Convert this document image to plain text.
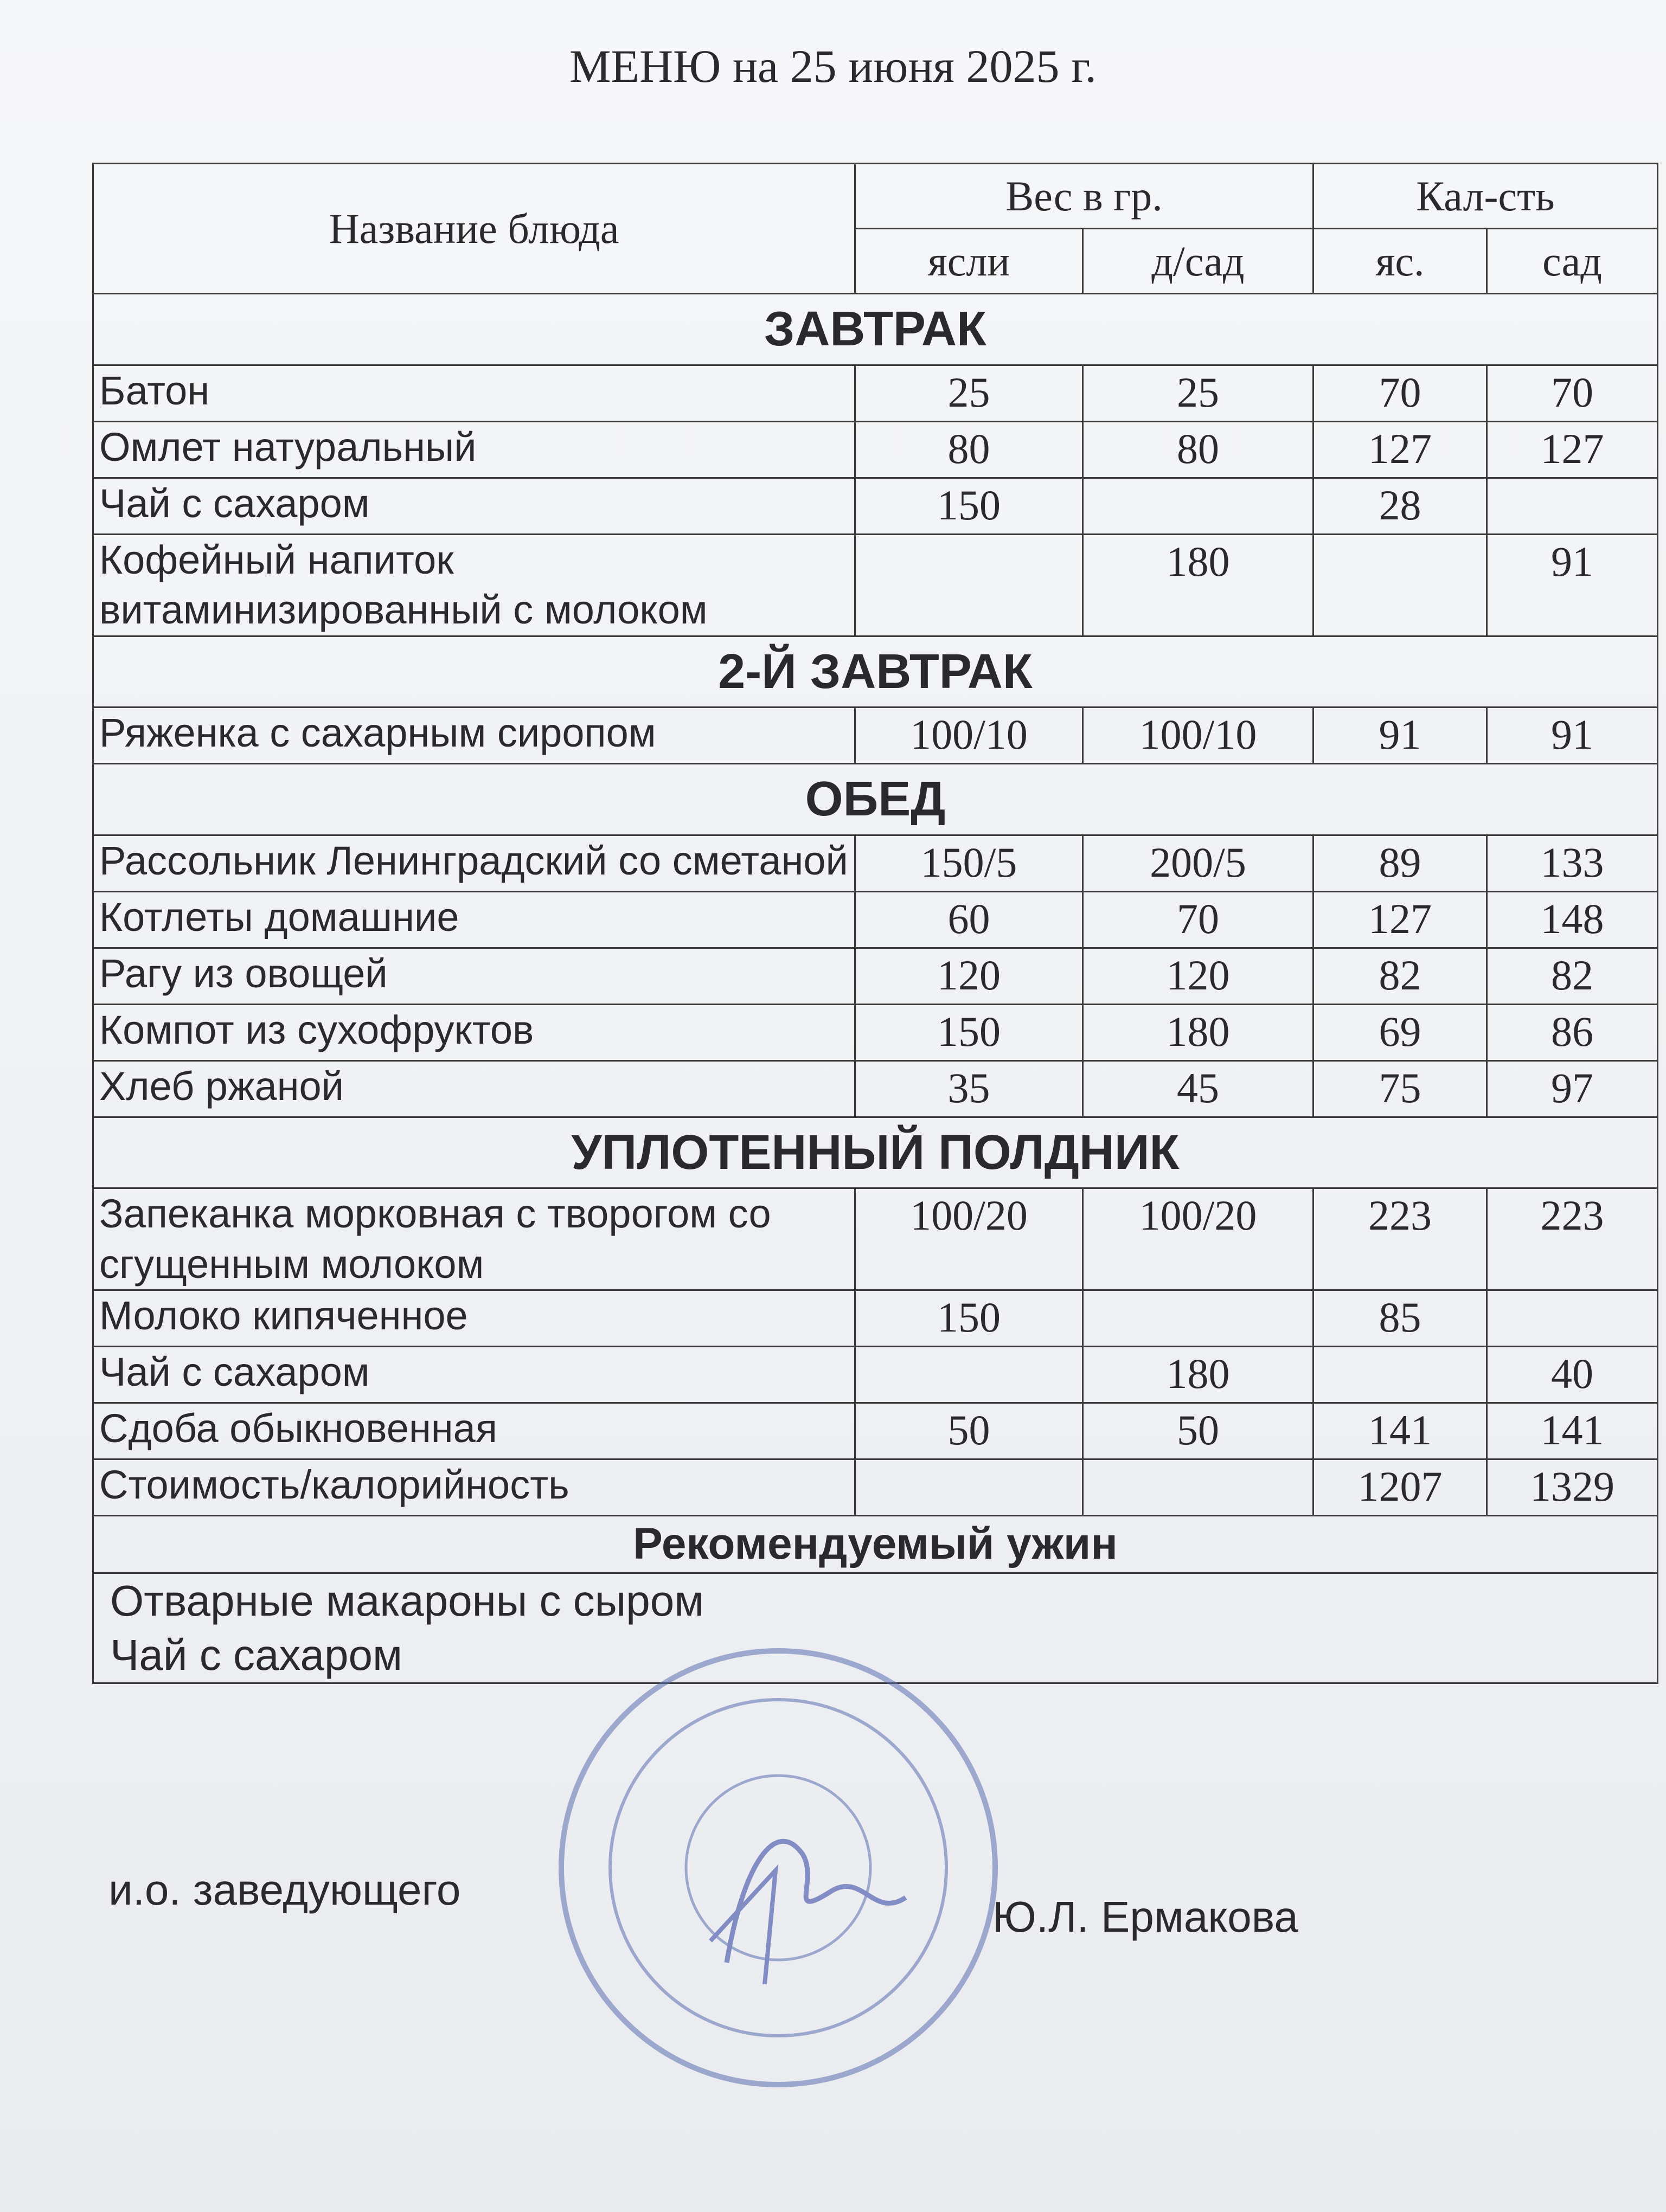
МЕНЮ на 25 июня 2025 г.
Название блюда	Вес в гр.		Кал-сть	
	ясли	д/сад	яс.	сад
ЗАВТРАК				
Батон	25	25	70	70
Омлет натуральный	80	80	127	127
Чай с сахаром	150		28	
Кофейный напиток витаминизированный с молоком		180		91
2-Й ЗАВТРАК				
Ряженка с сахарным сиропом	100/10	100/10	91	91
ОБЕД				
Рассольник Ленинградский со сметаной	150/5	200/5	89	133
Котлеты домашние	60	70	127	148
Рагу из овощей	120	120	82	82
Компот из сухофруктов	150	180	69	86
Хлеб ржаной	35	45	75	97
УПЛОТЕННЫЙ ПОЛДНИК				
Запеканка морковная с творогом со сгущенным молоком	100/20	100/20	223	223
Молоко кипяченное	150		85	
Чай с сахаром		180		40
Сдоба обыкновенная	50	50	141	141
Стоимость/калорийность			1207	1329
Рекомендуемый ужин				
Отварные макароны с сыром				
Чай с сахаром				
и.о. заведующего
Ю.Л. Ермакова
